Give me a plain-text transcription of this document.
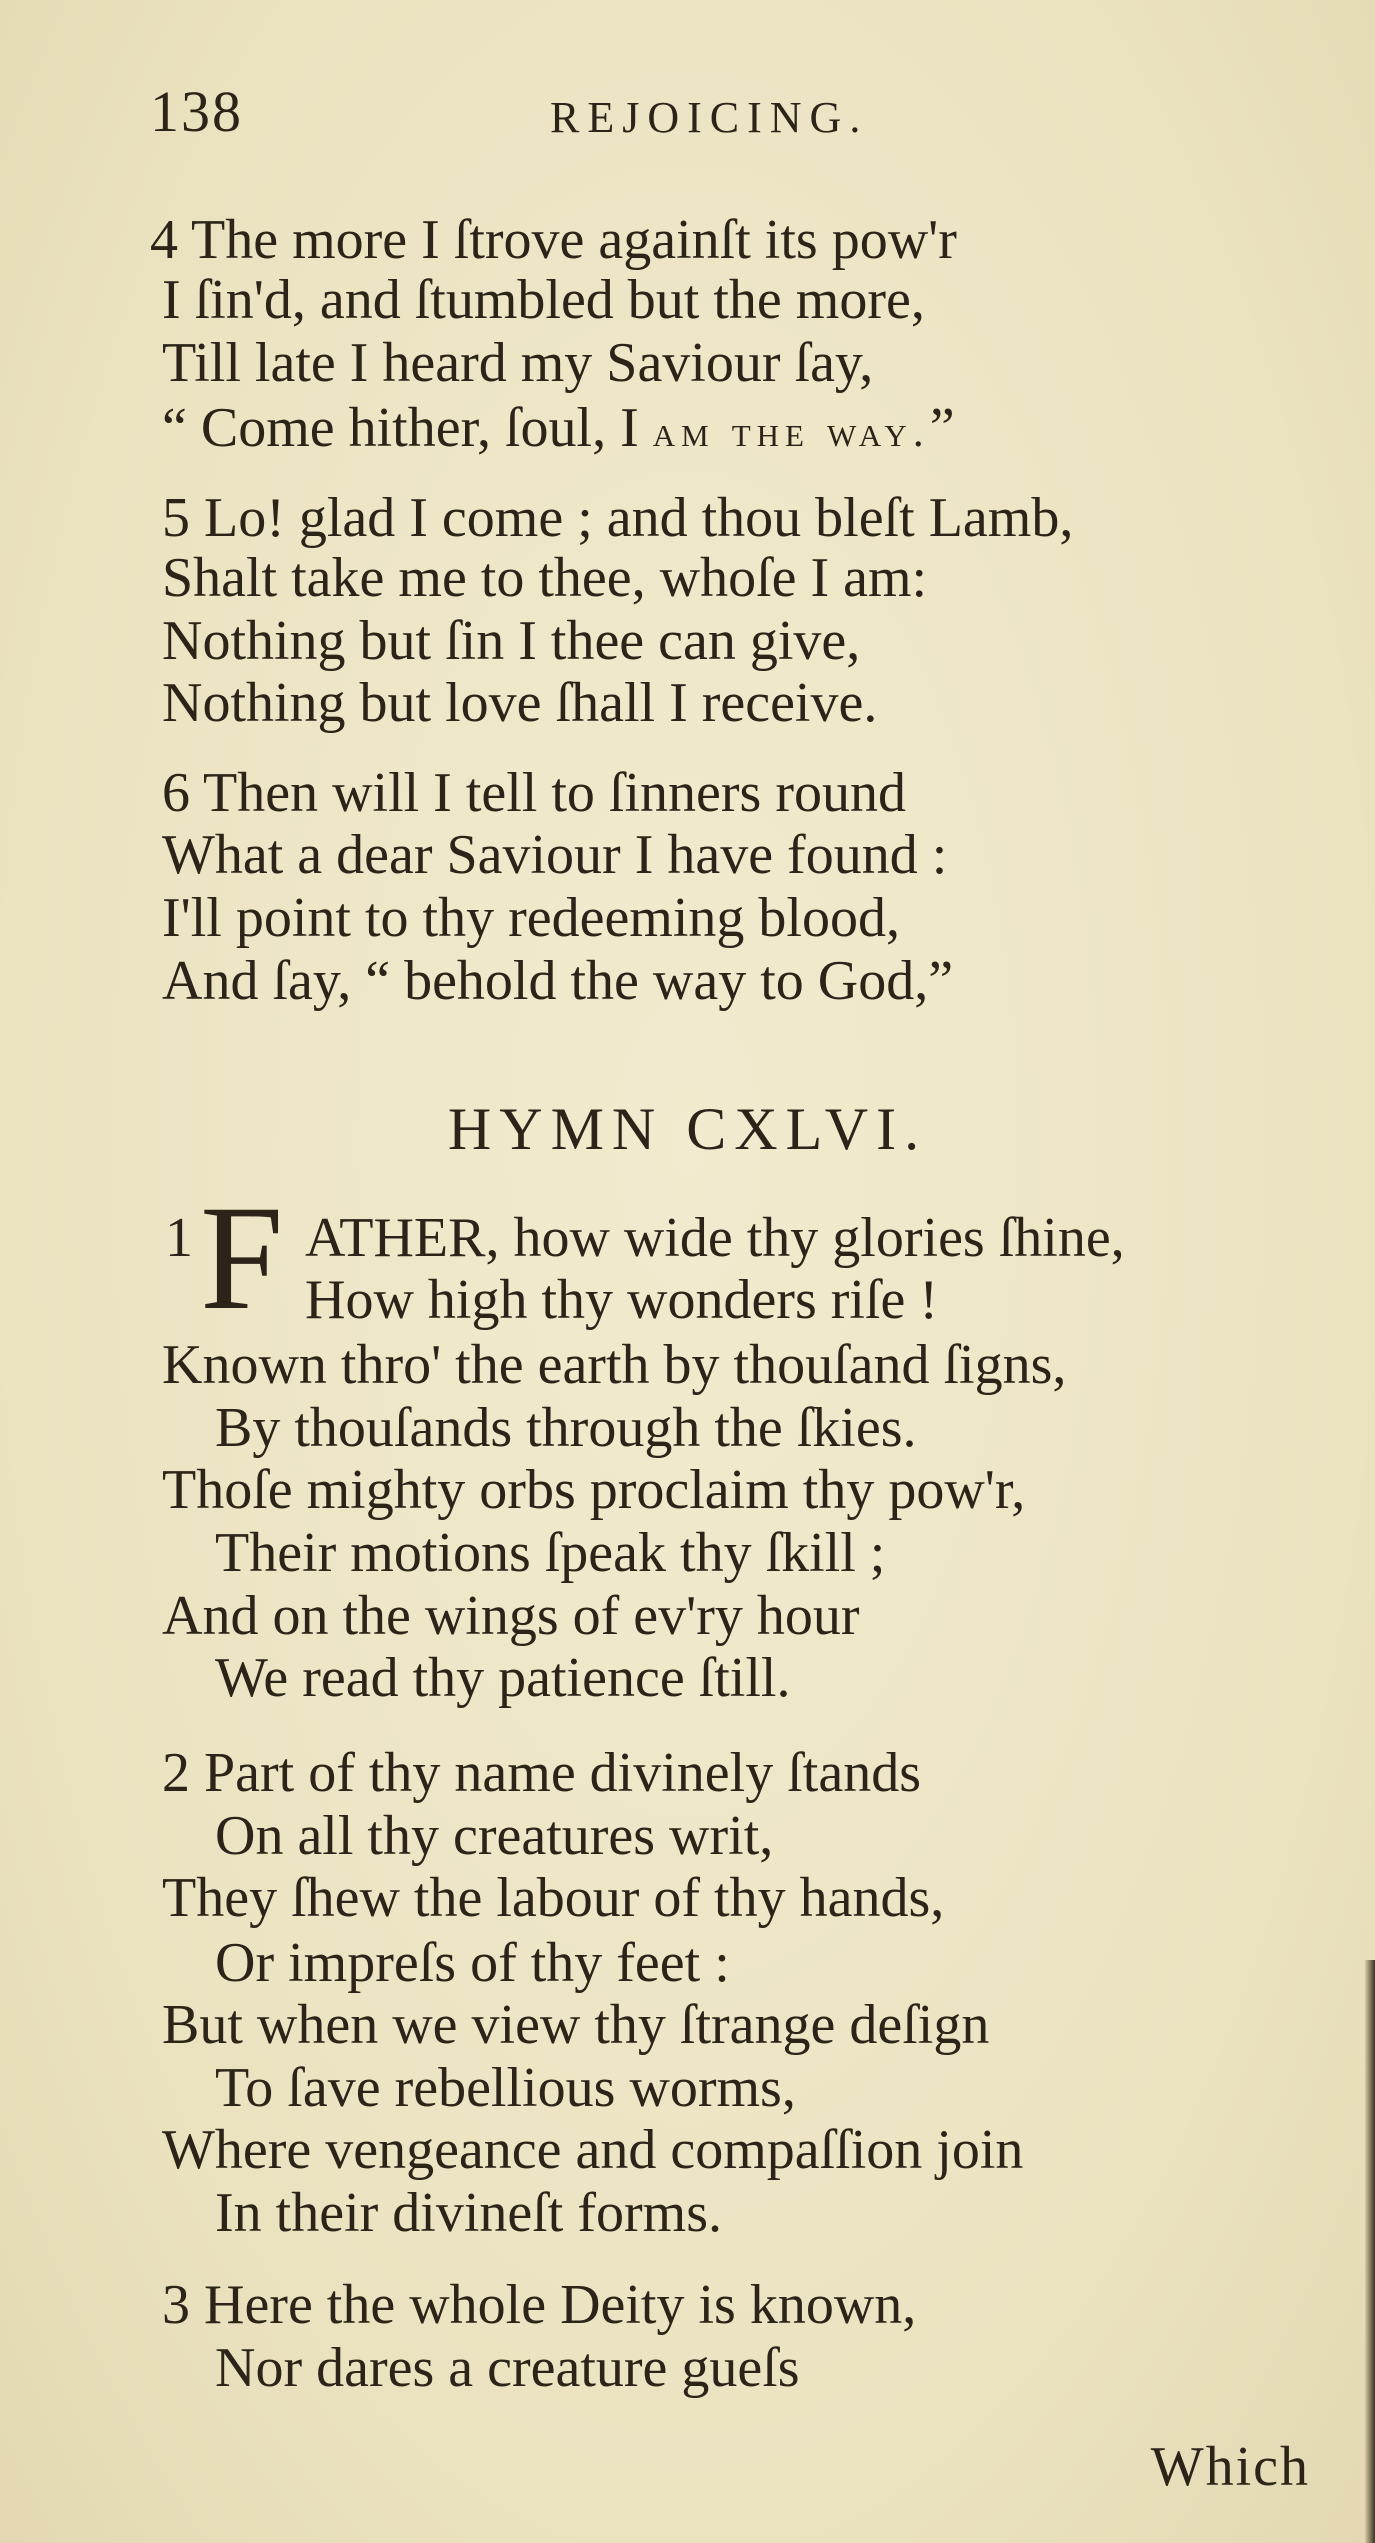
138	REJOICING.
4 The more I ſtrove againſt its pow'r
I ſin'd, and ſtumbled but the more,
Till late I heard my Saviour ſay,
“ Come hither, ſoul, I am the way.”
5 Lo! glad I come ; and thou bleſt Lamb,
Shalt take me to thee, whoſe I am:
Nothing but ſin I thee can give,
Nothing but love ſhall I receive.
6 Then will I tell to ſinners round
What a dear Saviour I have found :
I'll point to thy redeeming blood,
And ſay, “ behold the way to God,”
HYMN CXLVI.
1 F ATHER, how wide thy glories ſhine,
How high thy wonders riſe !
Known thro' the earth by thouſand ſigns,
By thouſands through the ſkies.
Thoſe mighty orbs proclaim thy pow'r,
Their motions ſpeak thy ſkill ;
And on the wings of ev'ry hour
We read thy patience ſtill.
2 Part of thy name divinely ſtands
On all thy creatures writ,
They ſhew the labour of thy hands,
Or impreſs of thy feet :
But when we view thy ſtrange deſign
To ſave rebellious worms,
Where vengeance and compaſſion join
In their divineſt forms.
3 Here the whole Deity is known,
Nor dares a creature gueſs
Which
